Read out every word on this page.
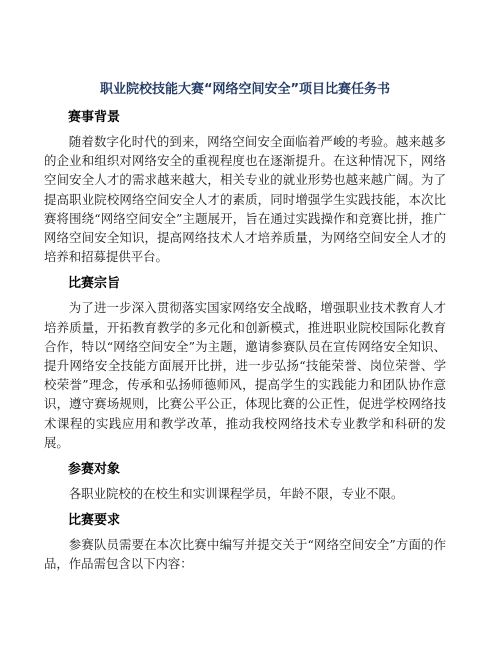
职业院校技能大赛“网络空间安全”项目比赛任务书
赛事背景

随着数字化时代的到来，网络空间安全面临着严峻的考验。越来越多的企业和组织对网络安全的重视程度也在逐渐提升。在这种情况下，网络空间安全人才的需求越来越大，相关专业的就业形势也越来越广阔。为了提高职业院校网络空间安全人才的素质，同时增强学生实践技能，本次比赛将围绕“网络空间安全”主题展开，旨在通过实践操作和竞赛比拼，推广网络空间安全知识，提高网络技术人才培养质量，为网络空间安全人才的培养和招募提供平台。

比赛宗旨

为了进一步深入贯彻落实国家网络安全战略，增强职业技术教育人才培养质量，开拓教育教学的多元化和创新模式，推进职业院校国际化教育合作，特以“网络空间安全”为主题，邀请参赛队员在宣传网络安全知识、提升网络安全技能方面展开比拼，进一步弘扬“技能荣誉、岗位荣誉、学校荣誉”理念，传承和弘扬师德师风，提高学生的实践能力和团队协作意识，遵守赛场规则，比赛公平公正，体现比赛的公正性，促进学校网络技术课程的实践应用和教学改革，推动我校网络技术专业教学和科研的发展。

参赛对象

各职业院校的在校生和实训课程学员，年龄不限，专业不限。

比赛要求

参赛队员需要在本次比赛中编写并提交关于“网络空间安全”方面的作品，作品需包含以下内容：
